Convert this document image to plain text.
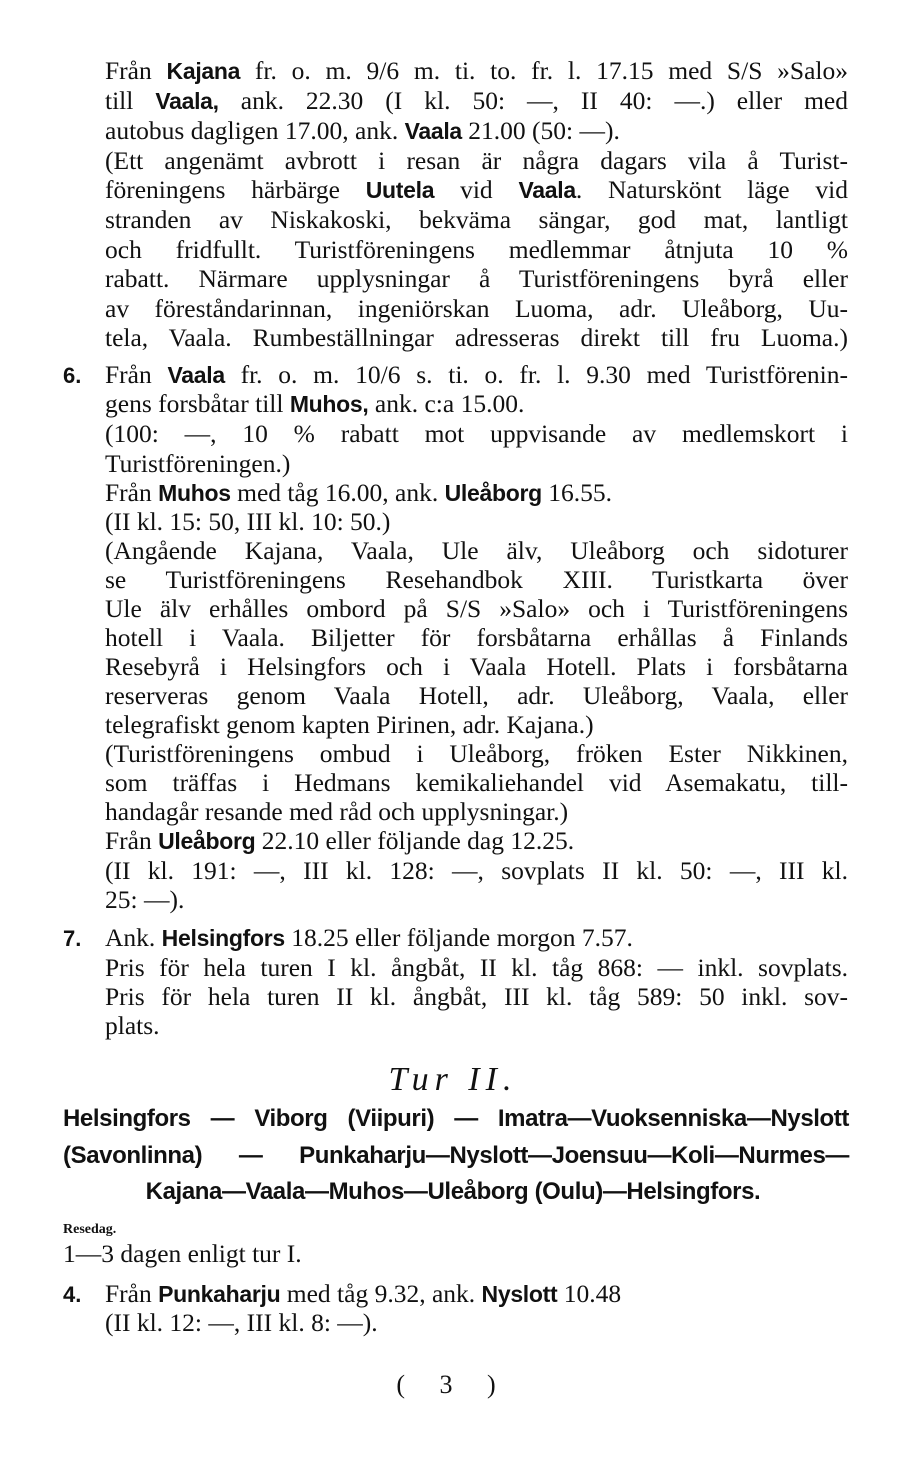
Från Kajana fr. o. m. 9/6 m. ti. to. fr. l. 17.15 med S/S »Salo»
till Vaala, ank. 22.30 (I kl. 50: —, II 40: —.) eller med
autobus dagligen 17.00, ank. Vaala 21.00 (50: —).
(Ett angenämt avbrott i resan är några dagars vila å Turist-
föreningens härbärge Uutela vid Vaala. Naturskönt läge vid
stranden av Niskakoski, bekväma sängar, god mat, lantligt
och fridfullt. Turistföreningens medlemmar åtnjuta 10 %
rabatt. Närmare upplysningar å Turistföreningens byrå eller
av föreståndarinnan, ingeniörskan Luoma, adr. Uleåborg, Uu-
tela, Vaala. Rumbeställningar adresseras direkt till fru Luoma.)
6. Från Vaala fr. o. m. 10/6 s. ti. o. fr. l. 9.30 med Turistförenin-
gens forsbåtar till Muhos, ank. c:a 15.00.
(100: —, 10 % rabatt mot uppvisande av medlemskort i
Turistföreningen.)
Från Muhos med tåg 16.00, ank. Uleåborg 16.55.
(II kl. 15: 50, III kl. 10: 50.)
(Angående Kajana, Vaala, Ule älv, Uleåborg och sidoturer
se Turistföreningens Resehandbok XIII. Turistkarta över
Ule älv erhålles ombord på S/S »Salo» och i Turistföreningens
hotell i Vaala. Biljetter för forsbåtarna erhållas å Finlands
Resebyrå i Helsingfors och i Vaala Hotell. Plats i forsbåtarna
reserveras genom Vaala Hotell, adr. Uleåborg, Vaala, eller
telegrafiskt genom kapten Pirinen, adr. Kajana.)
(Turistföreningens ombud i Uleåborg, fröken Ester Nikkinen,
som träffas i Hedmans kemikaliehandel vid Asemakatu, till-
handagår resande med råd och upplysningar.)
Från Uleåborg 22.10 eller följande dag 12.25.
(II kl. 191: —, III kl. 128: —, sovplats II kl. 50: —, III kl.
25: —).
7. Ank. Helsingfors 18.25 eller följande morgon 7.57.
Pris för hela turen I kl. ångbåt, II kl. tåg 868: — inkl. sovplats.
Pris för hela turen II kl. ångbåt, III kl. tåg 589: 50 inkl. sov-
plats.
Tur II.
Helsingfors — Viborg (Viipuri) — Imatra—Vuoksenniska—Nyslott
(Savonlinna) — Punkaharju—Nyslott—Joensuu—Koli—Nurmes—
Kajana—Vaala—Muhos—Uleåborg (Oulu)—Helsingfors.
Resedag.
1—3 dagen enligt tur I.
4. Från Punkaharju med tåg 9.32, ank. Nyslott 10.48
(II kl. 12: —, III kl. 8: —).
( 3 )
